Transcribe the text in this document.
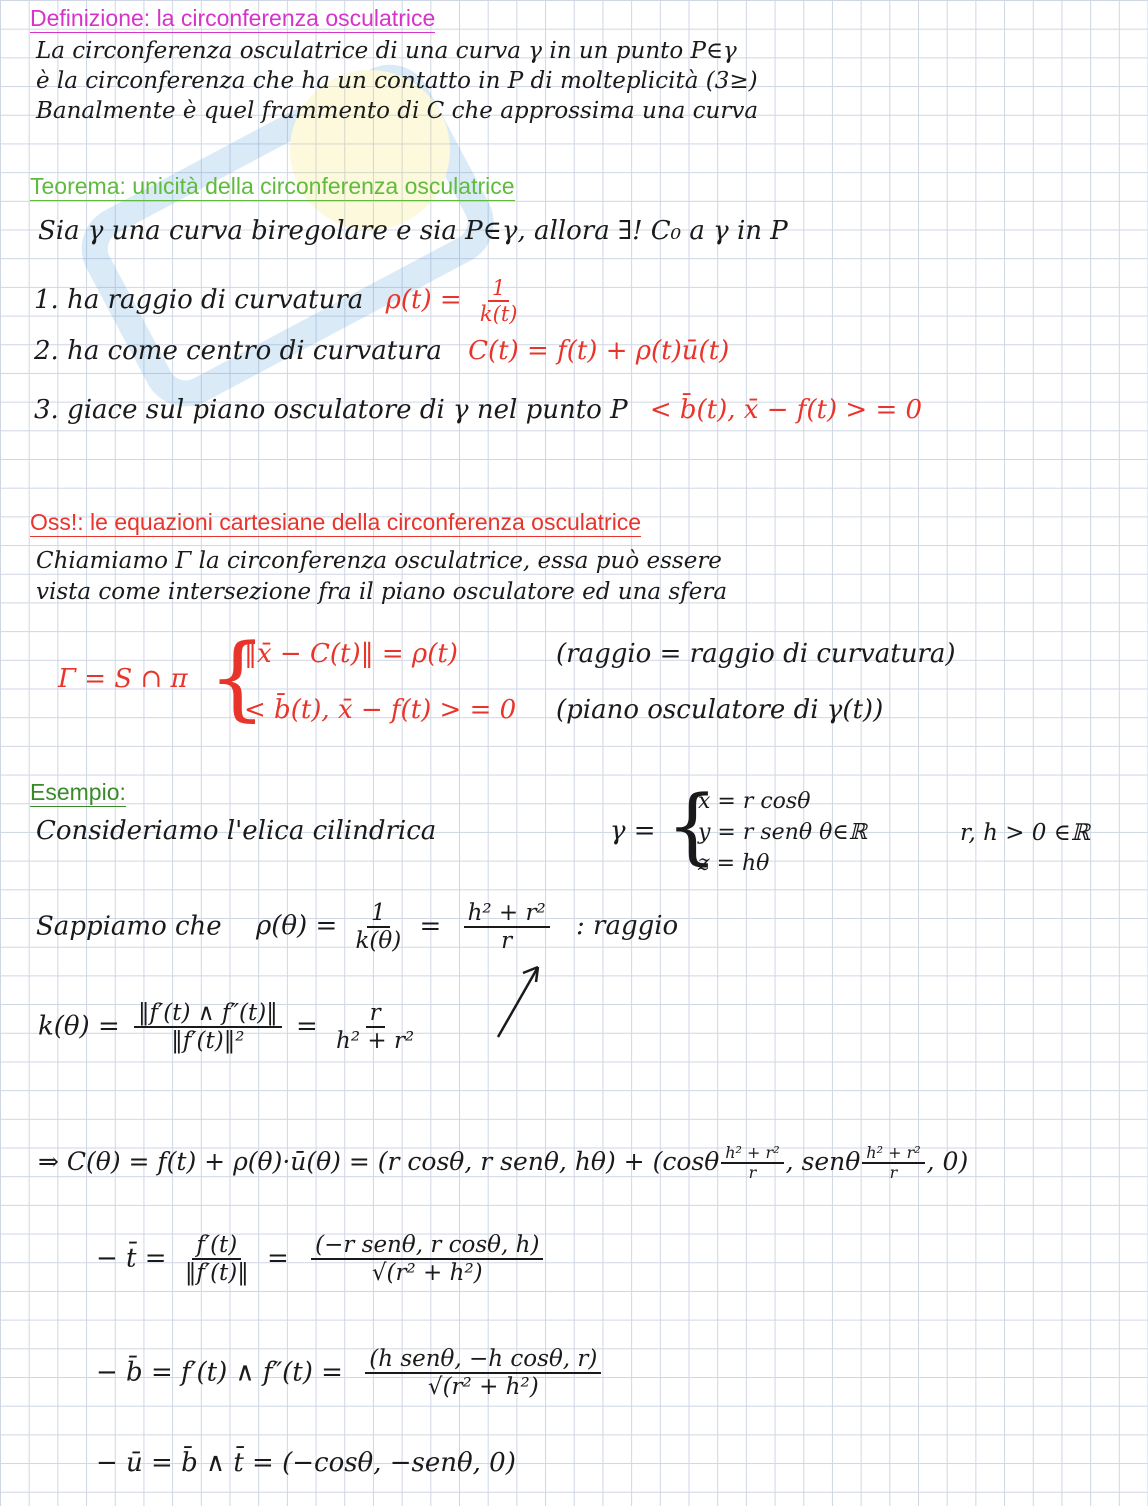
Definizione: la circonferenza osculatrice
La circonferenza osculatrice di una curva γ in un punto P∈γ
è la circonferenza che ha un contatto in P di molteplicità (3≥)
Banalmente è quel frammento di C che approssima una curva
Teorema: unicità della circonferenza osculatrice
Sia γ una curva biregolare e sia P∈γ, allora ∃! C₀ a γ in P
1. ha raggio di curvatura $\rho(t) = \frac{1}{k(t)}$
2. ha come centro di curvatura C(t) = f(t) + ρ(t)ū(t)
3. giace sul piano osculatore di γ nel punto P < b̄(t), x̄ − f(t) > = 0
Oss!: le equazioni cartesiane della circonferenza osculatrice
Chiamiamo Γ la circonferenza osculatrice, essa può essere
vista come intersezione fra il piano osculatore ed una sfera
Γ = S ∩ π {
‖x̄ − C(t)‖ = ρ(t)
< b̄(t), x̄ − f(t) > = 0
(raggio = raggio di curvatura)
(piano osculatore di γ(t))
Esempio:
Consideriamo l'elica cilindrica	γ = {
x = r cosθ
y = r senθ θ∈ℝ
z = hθ
r, h > 0 ∈ℝ
Sappiamo che $\rho(\theta) = \frac{1}{k(\theta)} = \frac{\text{h² + r²}}{r}$ : raggio
$k(\theta) = \frac{‖f'(t) \wedge f''(t)‖}{\text{‖f′(t)‖²}} = \frac{r}{\text{h² + r²}}$
⇒ C(θ) = f(t) + ρ(θ)·ū(θ) = (r cosθ, r senθ, $h\theta) + (\cos\theta \frac{\text{h² + r²}}{r}$ , senθ $\frac{\text{h² + r²}}{r}$ , 0)
− t̄ = $\frac{f'(t)}{‖f'(t)‖} = \frac{\text{(−r senθ, r cosθ, h)}}{\text{√(r² + h²)}}$
− b̄ = f′(t) ∧ $f''(t) = \frac{\text{(h senθ, −h cosθ, r)}}{\text{√(r² + h²)}}$
− ū = b̄ ∧ t̄ = (−cosθ, −senθ, 0)
